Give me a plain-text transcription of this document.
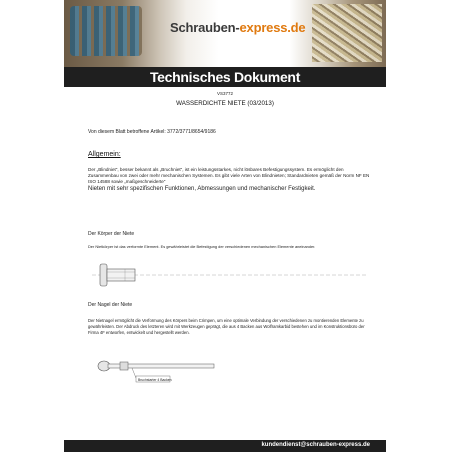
Schrauben-express.de
Technisches Dokument
VS3772
WASSERDICHTE NIETE (03/2013)
Von diesem Blatt betroffene Artikel: 3772/3771/8654/9186
Allgemein:
Der „Blindniet“, besser bekannt als „Bruchniet“, ist ein leistungsstarkes, nicht lösbares Befestigungssystem. Es ermöglicht den Zusammenbau von zwei oder mehr mechanischen Systemen. Es gibt viele Arten von Blindnieten; Standardnieten gemäß der Norm NF EN ISO 14588 sowie „maßgeschneiderte“
Nieten mit sehr spezifischen Funktionen, Abmessungen und mechanischer Festigkeit.
Der Körper der Niete
Der Nietkörper ist das verformte Element. Es gewährleistet die Befestigung der verschiedenen mechanischen Elemente aneinander.
Der Nagel der Niete
Der Nietnagel ermöglicht die Verformung des Körpers beim Crimpen, um eine optimale Verbindung der verschiedenen zu montierenden Elemente zu gewährleisten. Der Abdruck des letzteren wird mit Werkzeugen geprägt, die aus 4 Backen aus Wolframkarbid bestehen und im Konstruktionsbüro der Firma 4F entworfen, entwickelt und hergestellt werden.
Bruchstarter 4 Backen
kundendienst@schrauben-express.de
